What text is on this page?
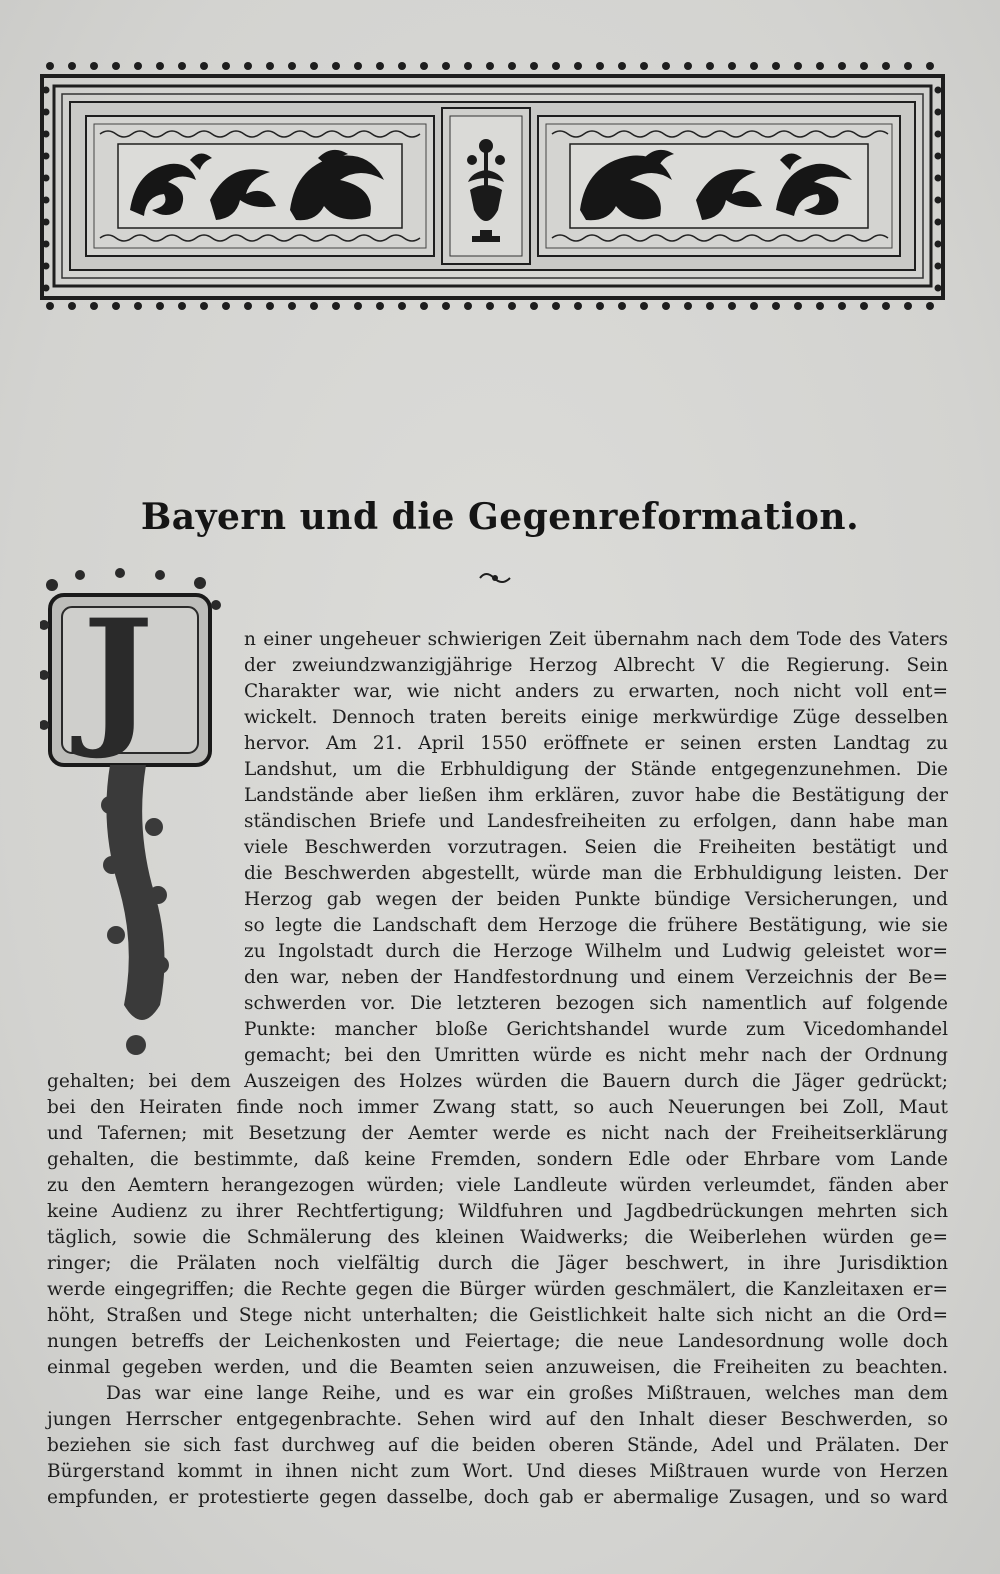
Bayern und die Gegenreformation.
J	n einer ungeheuer schwierigen Zeit übernahm nach dem Tode des Vaters
der zweiundzwanzigjährige Herzog Albrecht V die Regierung. Sein
Charakter war, wie nicht anders zu erwarten, noch nicht voll ent=
wickelt. Dennoch traten bereits einige merkwürdige Züge desselben
hervor. Am 21. April 1550 eröffnete er seinen ersten Landtag zu
Landshut, um die Erbhuldigung der Stände entgegenzunehmen. Die
Landstände aber ließen ihm erklären, zuvor habe die Bestätigung der
ständischen Briefe und Landesfreiheiten zu erfolgen, dann habe man
viele Beschwerden vorzutragen. Seien die Freiheiten bestätigt und
die Beschwerden abgestellt, würde man die Erbhuldigung leisten. Der
Herzog gab wegen der beiden Punkte bündige Versicherungen, und
so legte die Landschaft dem Herzoge die frühere Bestätigung, wie sie
zu Ingolstadt durch die Herzoge Wilhelm und Ludwig geleistet wor=
den war, neben der Handfestordnung und einem Verzeichnis der Be=
schwerden vor. Die letzteren bezogen sich namentlich auf folgende
Punkte: mancher bloße Gerichtshandel wurde zum Vicedomhandel
gemacht; bei den Umritten würde es nicht mehr nach der Ordnung
gehalten; bei dem Auszeigen des Holzes würden die Bauern durch die Jäger gedrückt;
bei den Heiraten finde noch immer Zwang statt, so auch Neuerungen bei Zoll, Maut
und Tafernen; mit Besetzung der Aemter werde es nicht nach der Freiheitserklärung
gehalten, die bestimmte, daß keine Fremden, sondern Edle oder Ehrbare vom Lande
zu den Aemtern herangezogen würden; viele Landleute würden verleumdet, fänden aber
keine Audienz zu ihrer Rechtfertigung; Wildfuhren und Jagdbedrückungen mehrten sich
täglich, sowie die Schmälerung des kleinen Waidwerks; die Weiberlehen würden ge=
ringer; die Prälaten noch vielfältig durch die Jäger beschwert, in ihre Jurisdiktion
werde eingegriffen; die Rechte gegen die Bürger würden geschmälert, die Kanzleitaxen er=
höht, Straßen und Stege nicht unterhalten; die Geistlichkeit halte sich nicht an die Ord=
nungen betreffs der Leichenkosten und Feiertage; die neue Landesordnung wolle doch
einmal gegeben werden, und die Beamten seien anzuweisen, die Freiheiten zu beachten.
Das war eine lange Reihe, und es war ein großes Mißtrauen, welches man dem
jungen Herrscher entgegenbrachte. Sehen wird auf den Inhalt dieser Beschwerden, so
beziehen sie sich fast durchweg auf die beiden oberen Stände, Adel und Prälaten. Der
Bürgerstand kommt in ihnen nicht zum Wort. Und dieses Mißtrauen wurde von Herzen
empfunden, er protestierte gegen dasselbe, doch gab er abermalige Zusagen, und so ward
